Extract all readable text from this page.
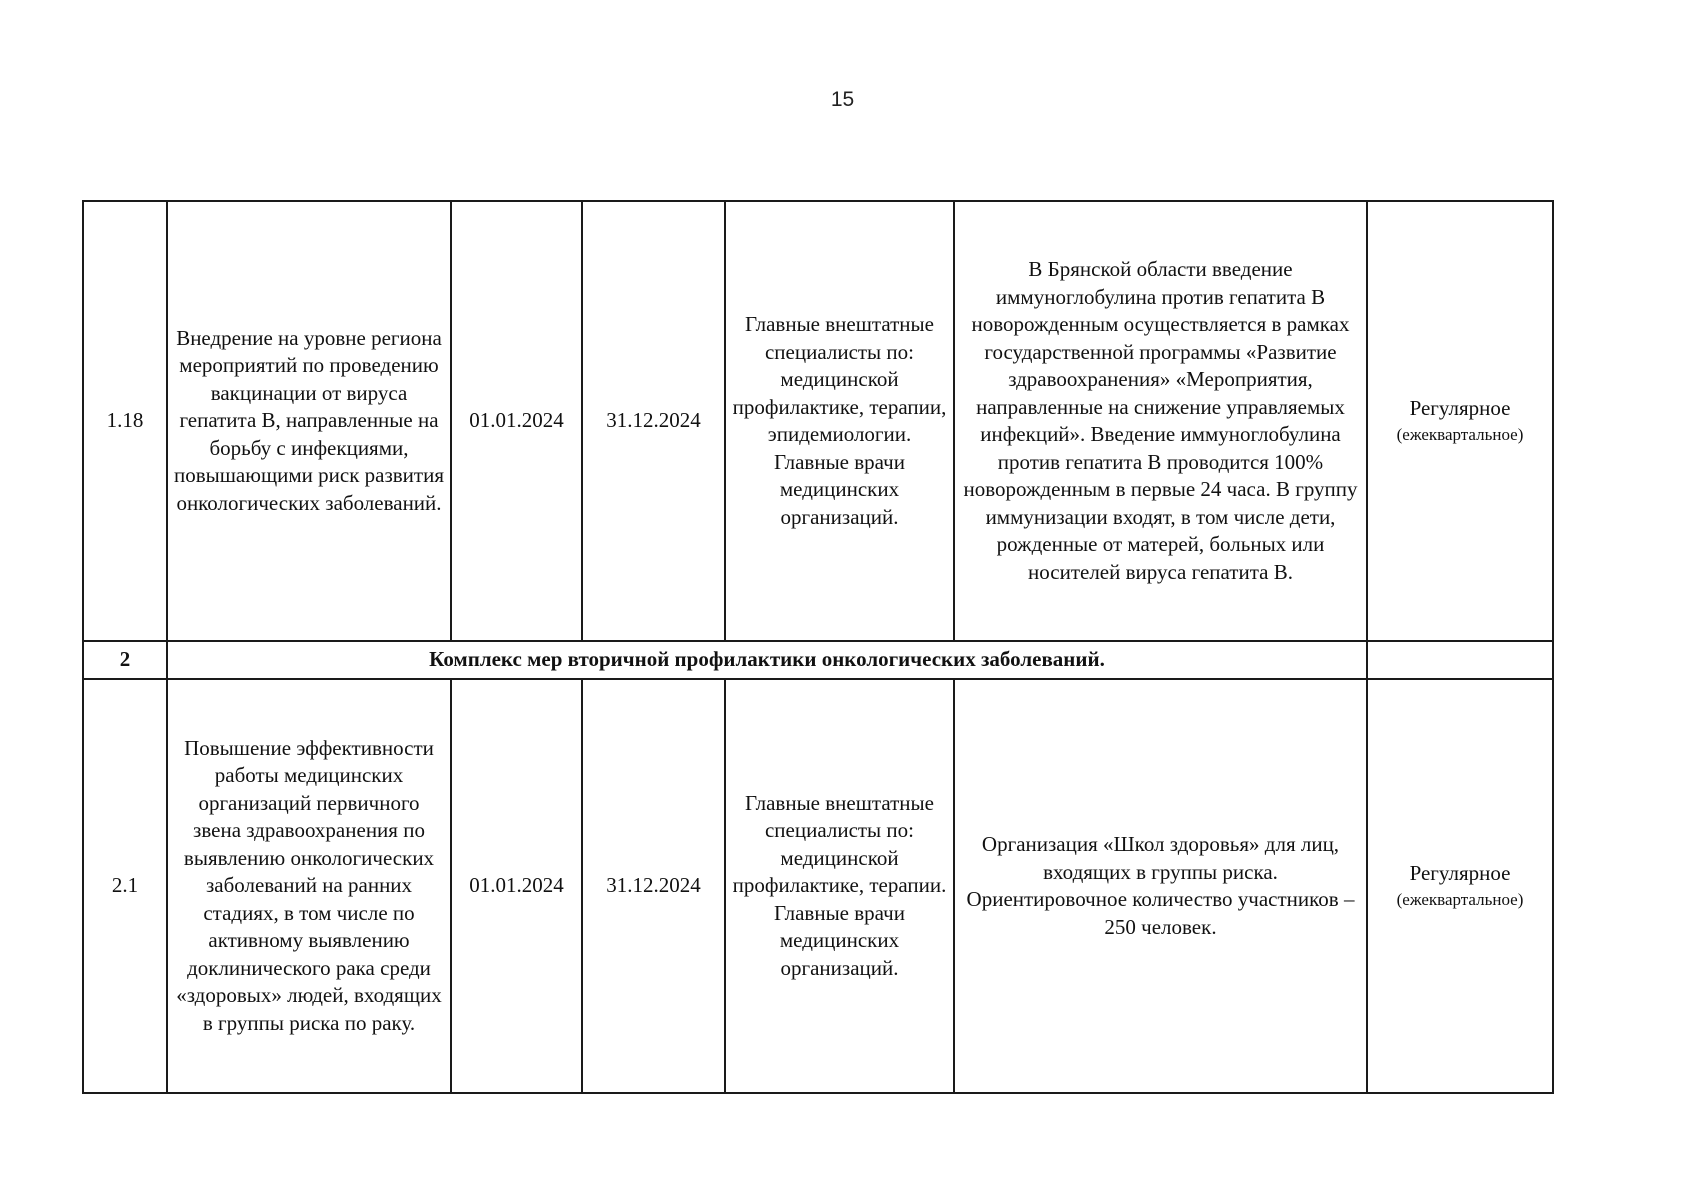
15
1.18	Внедрение на уровне региона мероприятий по проведению вакцинации от вируса гепатита В, направленные на борьбу с инфекциями, повышающими риск развития онкологических заболеваний.	01.01.2024	31.12.2024	Главные внештатные специалисты по: медицинской профилактике, терапии, эпидемиологии. Главные врачи медицинских организаций.	В Брянской области введение иммуноглобулина против гепатита В новорожденным осуществляется в рамках государственной программы «Развитие здравоохранения» «Мероприятия, направленные на снижение управляемых инфекций». Введение иммуноглобулина против гепатита В проводится 100% новорожденным в первые 24 часа. В группу иммунизации входят, в том числе дети, рожденные от матерей, больных или носителей вируса гепатита В.	Регулярное
(ежеквартальное)

2	Комплекс мер вторичной профилактики онкологических заболеваний.					
2.1	Повышение эффективности работы медицинских организаций первичного звена здравоохранения по выявлению онкологических заболеваний на ранних стадиях, в том числе по активному выявлению доклинического рака среди «здоровых» людей, входящих в группы риска по раку.	01.01.2024	31.12.2024	Главные внештатные специалисты по: медицинской профилактике, терапии. Главные врачи медицинских организаций.	Организация «Школ здоровья» для лиц, входящих в группы риска. Ориентировочное количество участников – 250 человек.	Регулярное
(ежеквартальное)
